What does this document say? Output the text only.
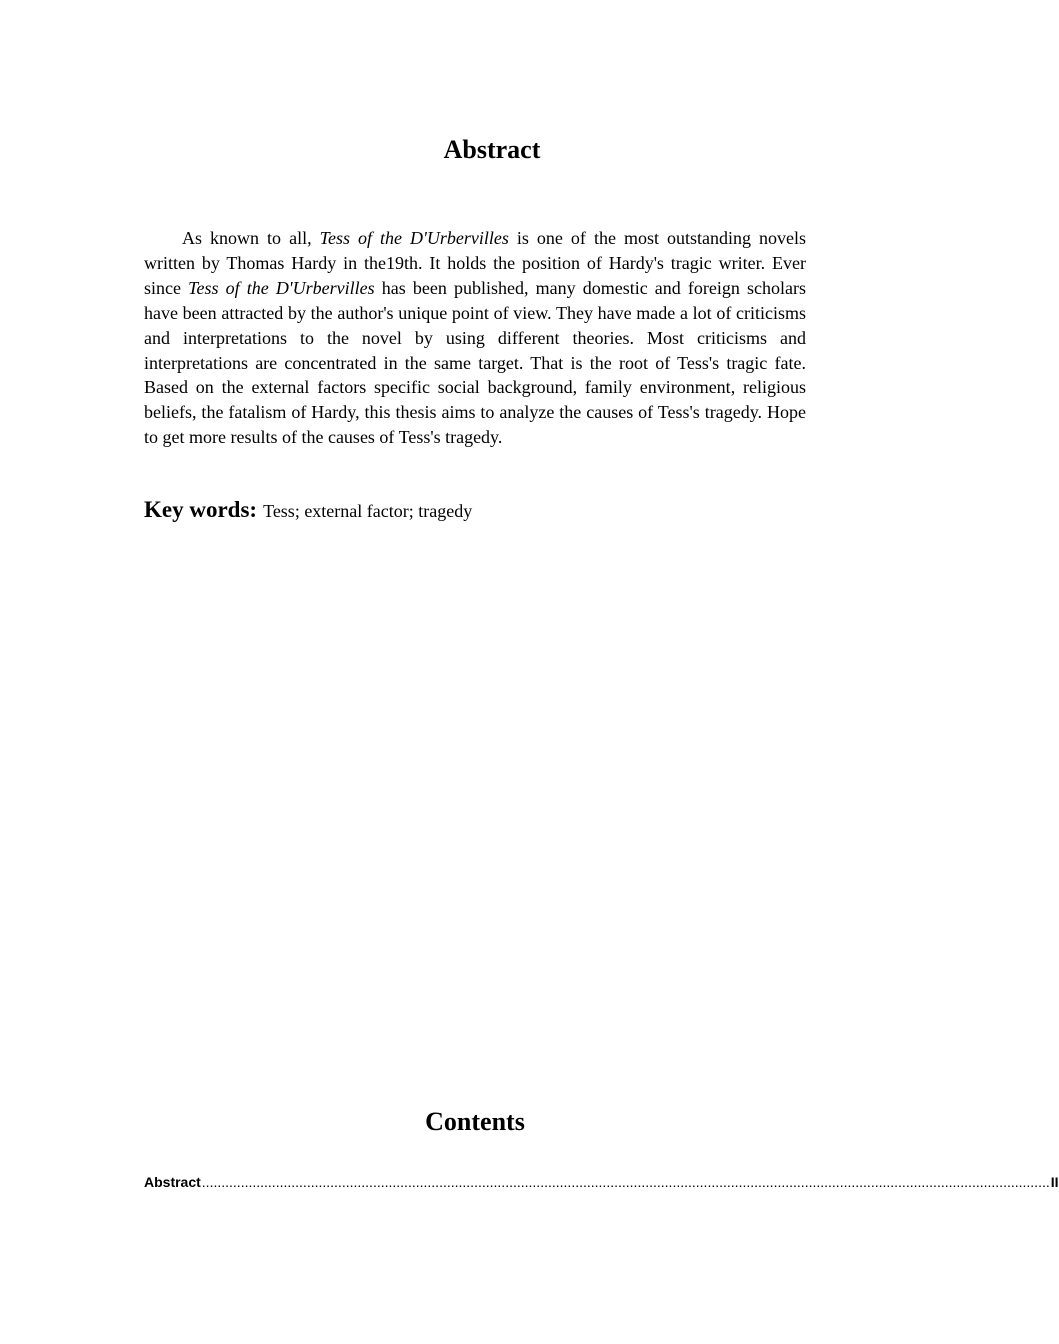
Abstract

As known to all, Tess of the D'Urbervilles is one of the most outstanding novels written by Thomas Hardy in the19th. It holds the position of Hardy's tragic writer. Ever since Tess of the D'Urbervilles has been published, many domestic and foreign scholars have been attracted by the author's unique point of view. They have made a lot of criticisms and interpretations to the novel by using different theories. Most criticisms and interpretations are concentrated in the same target. That is the root of Tess's tragic fate. Based on the external factors specific social background, family environment, religious beliefs, the fatalism of Hardy, this thesis aims to analyze the causes of Tess's tragedy. Hope to get more results of the causes of Tess's tragedy.

Key words: Tess; external factor; tragedy
Contents
Abstract .......................................................................................................................................................................................................................... II
